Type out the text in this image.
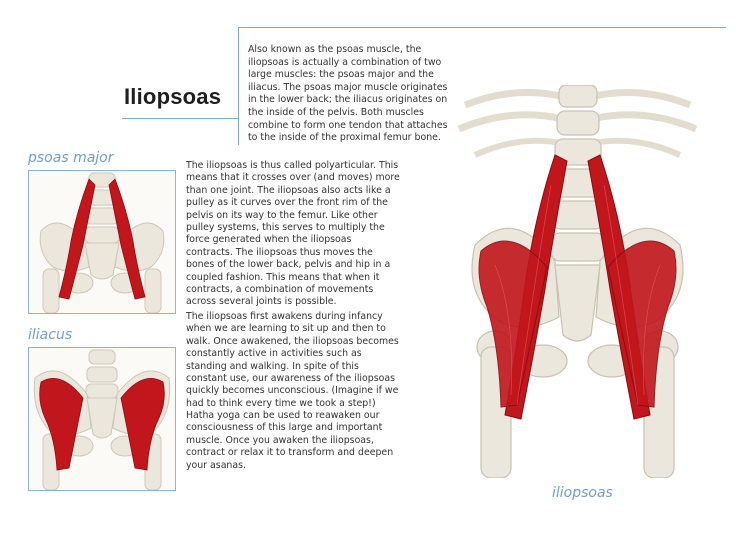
Iliopsoas
Also known as the psoas muscle, the iliopsoas is actually a combination of two large muscles: the psoas major and the iliacus. The psoas major muscle originates in the lower back; the iliacus originates on the inside of the pelvis. Both muscles combine to form one tendon that attaches to the inside of the proximal femur bone.

The iliopsoas is thus called polyarticular. This means that it crosses over (and moves) more than one joint. The iliopsoas also acts like a pulley as it curves over the front rim of the pelvis on its way to the femur. Like other pulley systems, this serves to multiply the force generated when the iliopsoas contracts. The iliopsoas thus moves the bones of the lower back, pelvis and hip in a coupled fashion. This means that when it contracts, a combination of movements across several joints is possible.

The iliopsoas first awakens during infancy when we are learning to sit up and then to walk. Once awakened, the iliopsoas becomes constantly active in activities such as standing and walking. In spite of this constant use, our awareness of the iliopsoas quickly becomes unconscious. (Imagine if we had to think every time we took a step!)

Hatha yoga can be used to reawaken our consciousness of this large and important muscle. Once you awaken the iliopsoas, contract or relax it to transform and deepen your asanas.

psoas major
iliacus
iliopsoas
